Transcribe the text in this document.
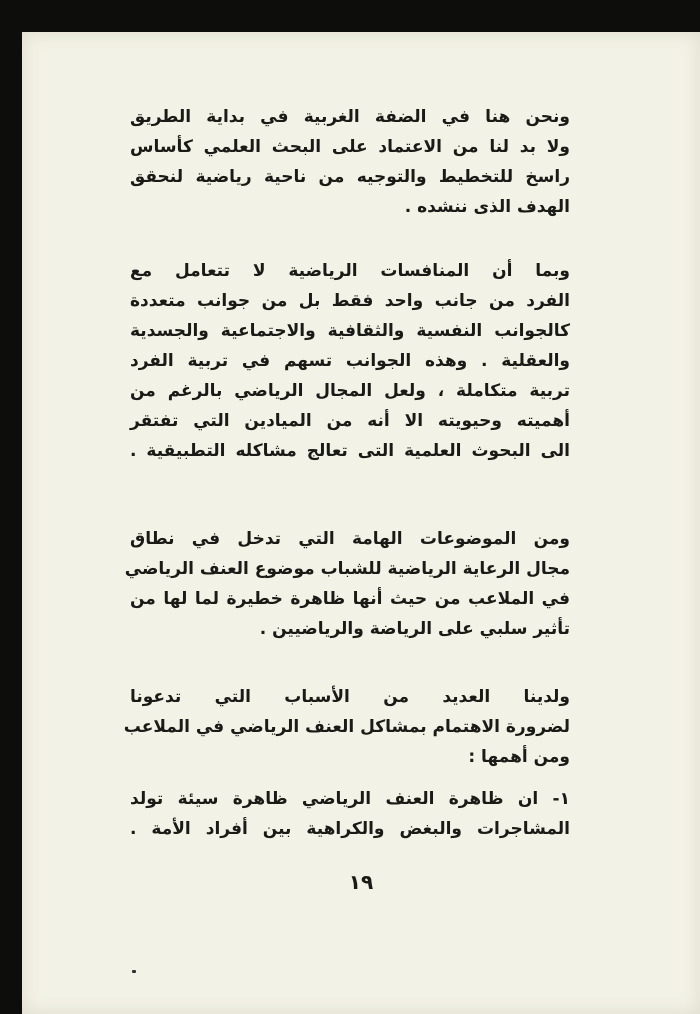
ونحن هنا في الضفة الغربية في بداية الطريق
ولا بد لنا من الاعتماد على البحث العلمي كأساس
راسخ للتخطيط والتوجيه من ناحية رياضية لنحقق
الهدف الذى ننشده .
وبما أن المنافسات الرياضية لا تتعامل مع
الفرد من جانب واحد فقط بل من جوانب متعددة
كالجوانب النفسية والثقافية والاجتماعية والجسدية
والعقلية . وهذه الجوانب تسهم في تربية الفرد
تربية متكاملة ، ولعل المجال الرياضي بالرغم من
أهميته وحيويته الا أنه من الميادين التي تفتقر
الى البحوث العلمية التى تعالج مشاكله التطبيقية .
ومن الموضوعات الهامة التي تدخل في نطاق
مجال الرعاية الرياضية للشباب موضوع العنف الرياضي
في الملاعب من حيث أنها ظاهرة خطيرة لما لها من
تأثير سلبي على الرياضة والرياضيين .
ولدينا العديد من الأسباب التي تدعونا
لضرورة الاهتمام بمشاكل العنف الرياضي في الملاعب
ومن أهمها :
١- ان ظاهرة العنف الرياضي ظاهرة سيئة تولد
المشاجرات والبغض والكراهية بين أفراد الأمة .
١٩
